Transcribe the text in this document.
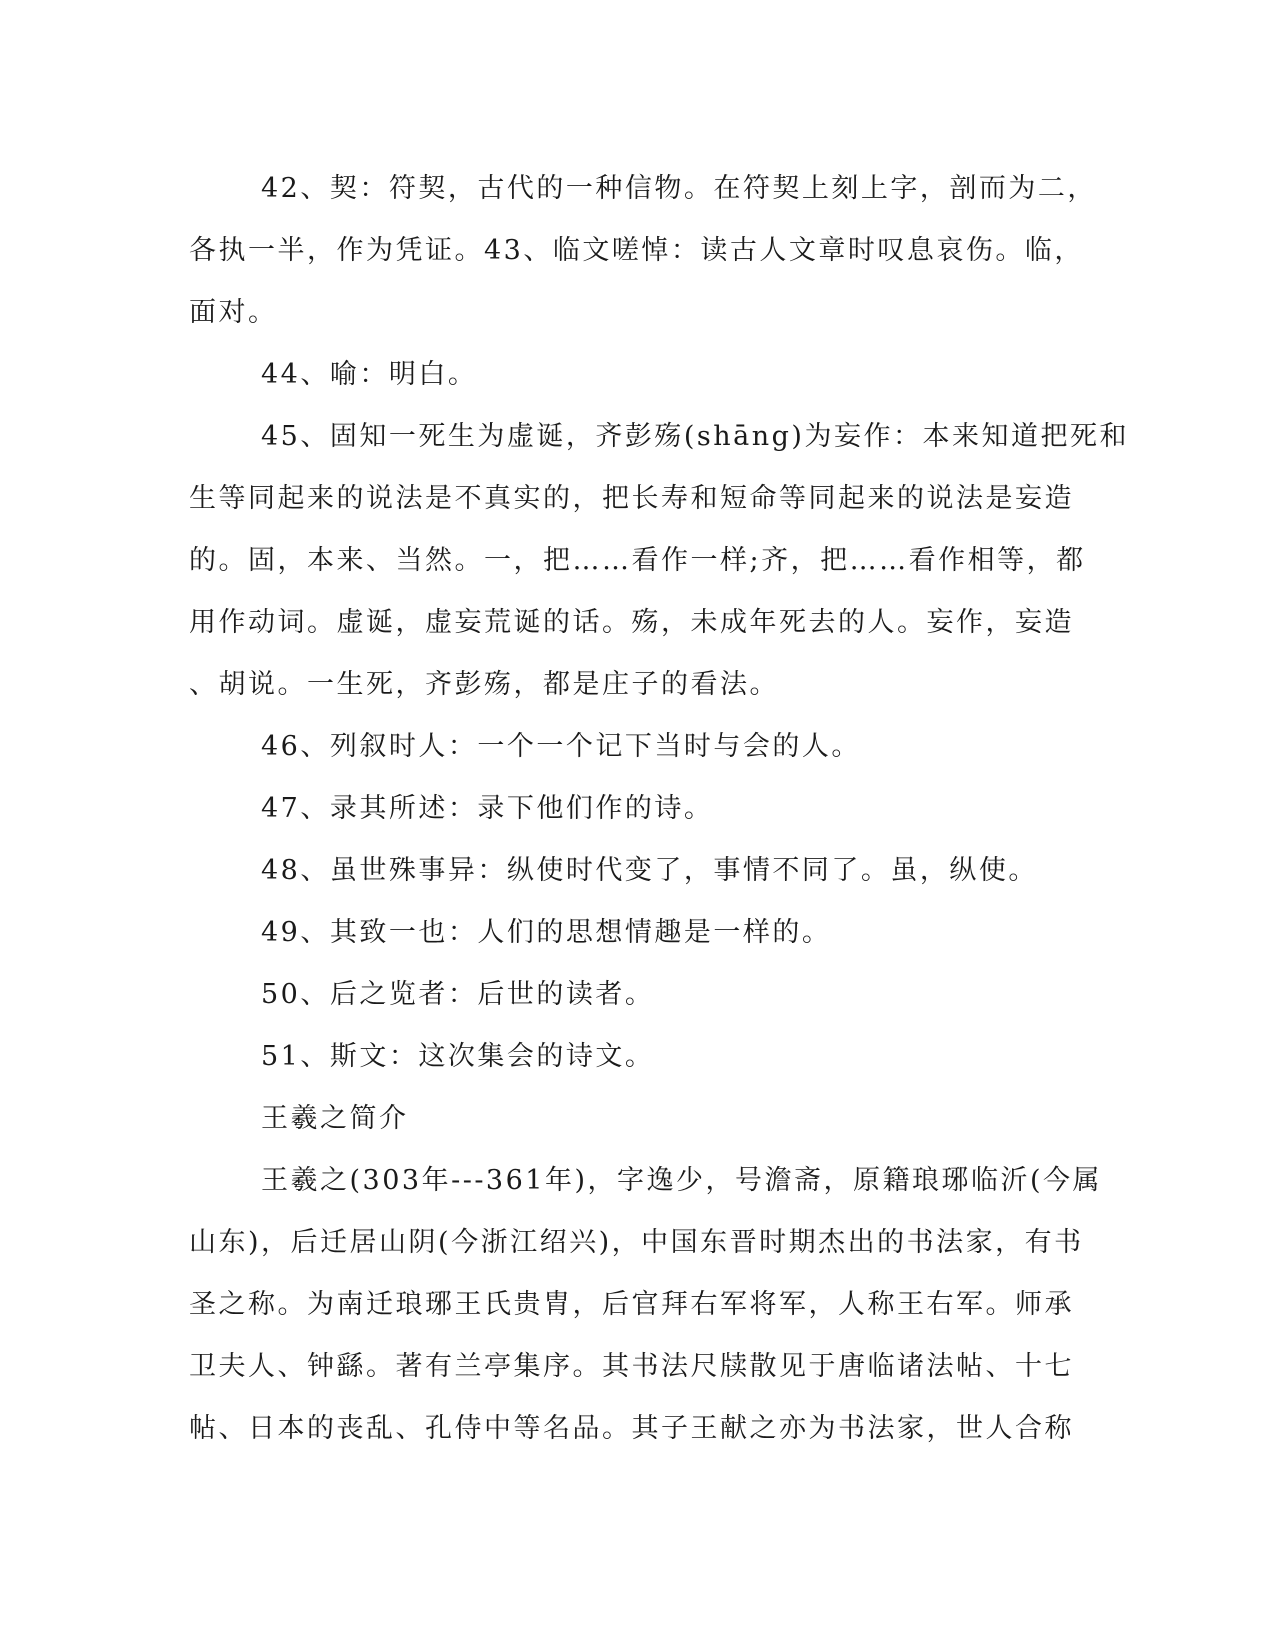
42、契：符契，古代的一种信物。在符契上刻上字，剖而为二，
各执一半，作为凭证。43、临文嗟悼：读古人文章时叹息哀伤。临，
面对。
44、喻：明白。
45、固知一死生为虚诞，齐彭殇(shāng)为妄作：本来知道把死和
生等同起来的说法是不真实的，把长寿和短命等同起来的说法是妄造
的。固，本来、当然。一，把……看作一样;齐，把……看作相等，都
用作动词。虚诞，虚妄荒诞的话。殇，未成年死去的人。妄作，妄造
、胡说。一生死，齐彭殇，都是庄子的看法。
46、列叙时人：一个一个记下当时与会的人。
47、录其所述：录下他们作的诗。
48、虽世殊事异：纵使时代变了，事情不同了。虽，纵使。
49、其致一也：人们的思想情趣是一样的。
50、后之览者：后世的读者。
51、斯文：这次集会的诗文。
王羲之简介
王羲之(303年---361年)，字逸少，号澹斋，原籍琅琊临沂(今属
山东)，后迁居山阴(今浙江绍兴)，中国东晋时期杰出的书法家，有书
圣之称。为南迁琅琊王氏贵胄，后官拜右军将军，人称王右军。师承
卫夫人、钟繇。著有兰亭集序。其书法尺牍散见于唐临诸法帖、十七
帖、日本的丧乱、孔侍中等名品。其子王献之亦为书法家，世人合称
